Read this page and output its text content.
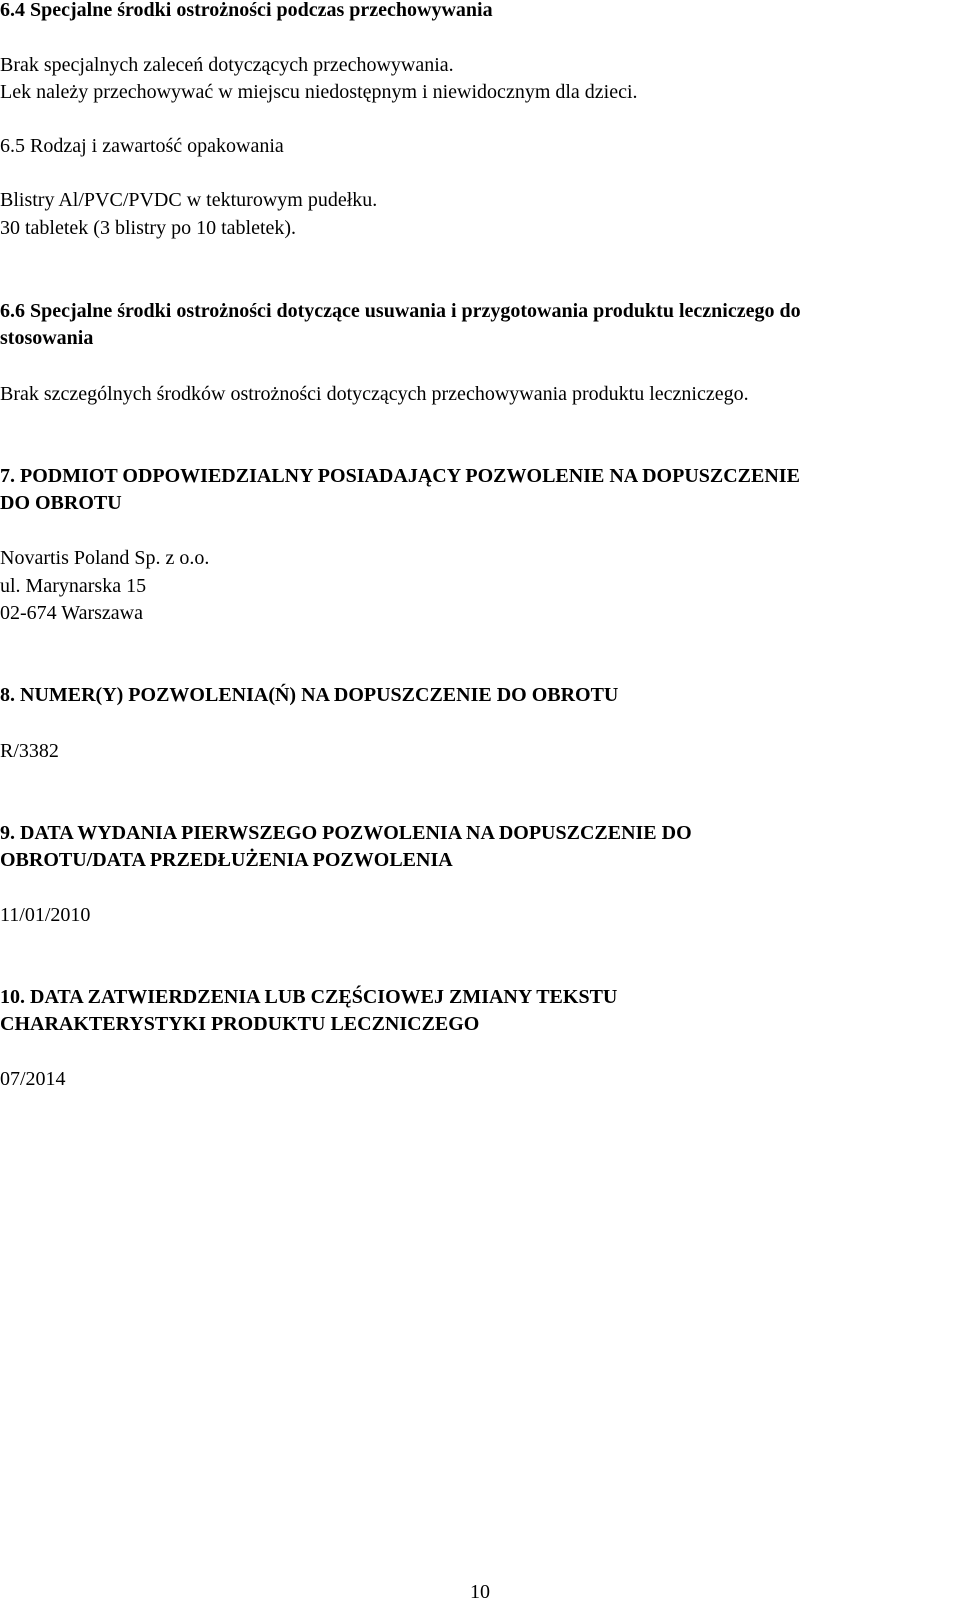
6.4 Specjalne środki ostrożności podczas przechowywania

Brak specjalnych zaleceń dotyczących przechowywania.

Lek należy przechowywać w miejscu niedostępnym i niewidocznym dla dzieci.

6.5 Rodzaj i zawartość opakowania

Blistry Al/PVC/PVDC w tekturowym pudełku.

30 tabletek (3 blistry po 10 tabletek).

6.6 Specjalne środki ostrożności dotyczące usuwania i przygotowania produktu leczniczego do

stosowania

Brak szczególnych środków ostrożności dotyczących przechowywania produktu leczniczego.

7. PODMIOT ODPOWIEDZIALNY POSIADAJĄCY POZWOLENIE NA DOPUSZCZENIE

DO OBROTU

Novartis Poland Sp. z o.o.

ul. Marynarska 15

02-674 Warszawa

8. NUMER(Y) POZWOLENIA(Ń) NA DOPUSZCZENIE DO OBROTU

R/3382

9. DATA WYDANIA PIERWSZEGO POZWOLENIA NA DOPUSZCZENIE DO

OBROTU/DATA PRZEDŁUŻENIA POZWOLENIA

11/01/2010

10. DATA ZATWIERDZENIA LUB CZĘŚCIOWEJ ZMIANY TEKSTU

CHARAKTERYSTYKI PRODUKTU LECZNICZEGO

07/2014

10
